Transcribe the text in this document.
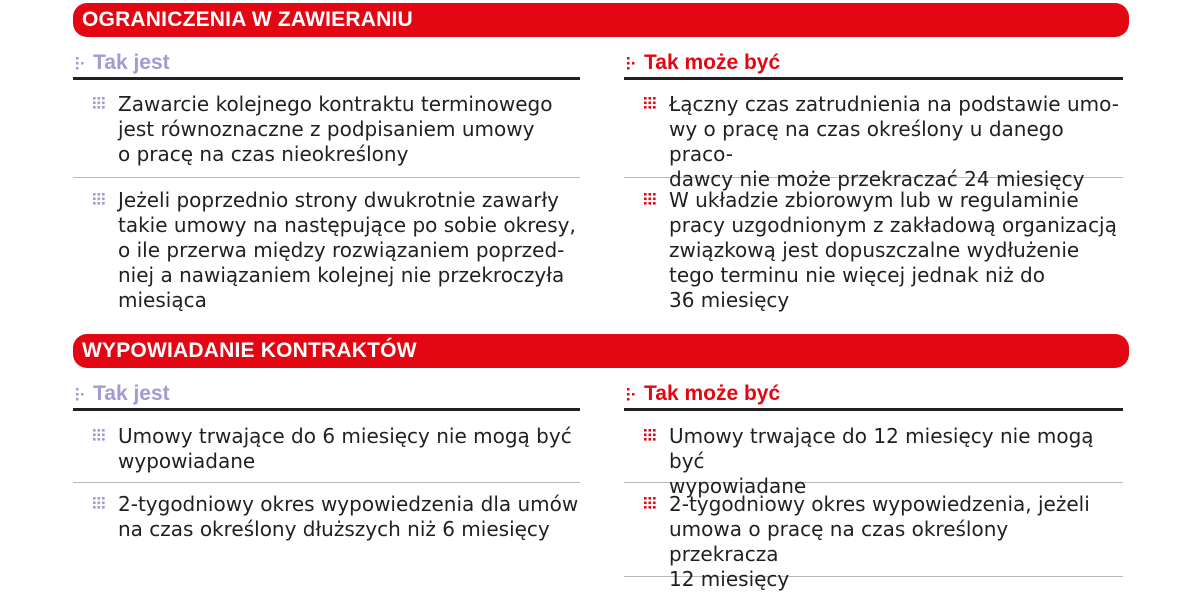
OGRANICZENIA W ZAWIERANIU
Tak jest	Tak może być
Zawarcie kolejnego kontraktu terminowego
jest równoznaczne z podpisaniem umowy
o pracę na czas nieokreślony
Jeżeli poprzednio strony dwukrotnie zawarły
takie umowy na następujące po sobie okresy,
o ile przerwa między rozwiązaniem poprzed-
niej a nawiązaniem kolejnej nie przekroczyła
miesiąca
Łączny czas zatrudnienia na podstawie umo-
wy o pracę na czas określony u danego praco-
dawcy nie może przekraczać 24 miesięcy
W układzie zbiorowym lub w regulaminie
pracy uzgodnionym z zakładową organizacją
związkową jest dopuszczalne wydłużenie
tego terminu nie więcej jednak niż do
36 miesięcy
WYPOWIADANIE KONTRAKTÓW
Tak jest	Tak może być
Umowy trwające do 6 miesięcy nie mogą być
wypowiadane
2-tygodniowy okres wypowiedzenia dla umów
na czas określony dłuższych niż 6 miesięcy
Umowy trwające do 12 miesięcy nie mogą być
wypowiadane
2-tygodniowy okres wypowiedzenia, jeżeli
umowa o pracę na czas określony przekracza
12 miesięcy
